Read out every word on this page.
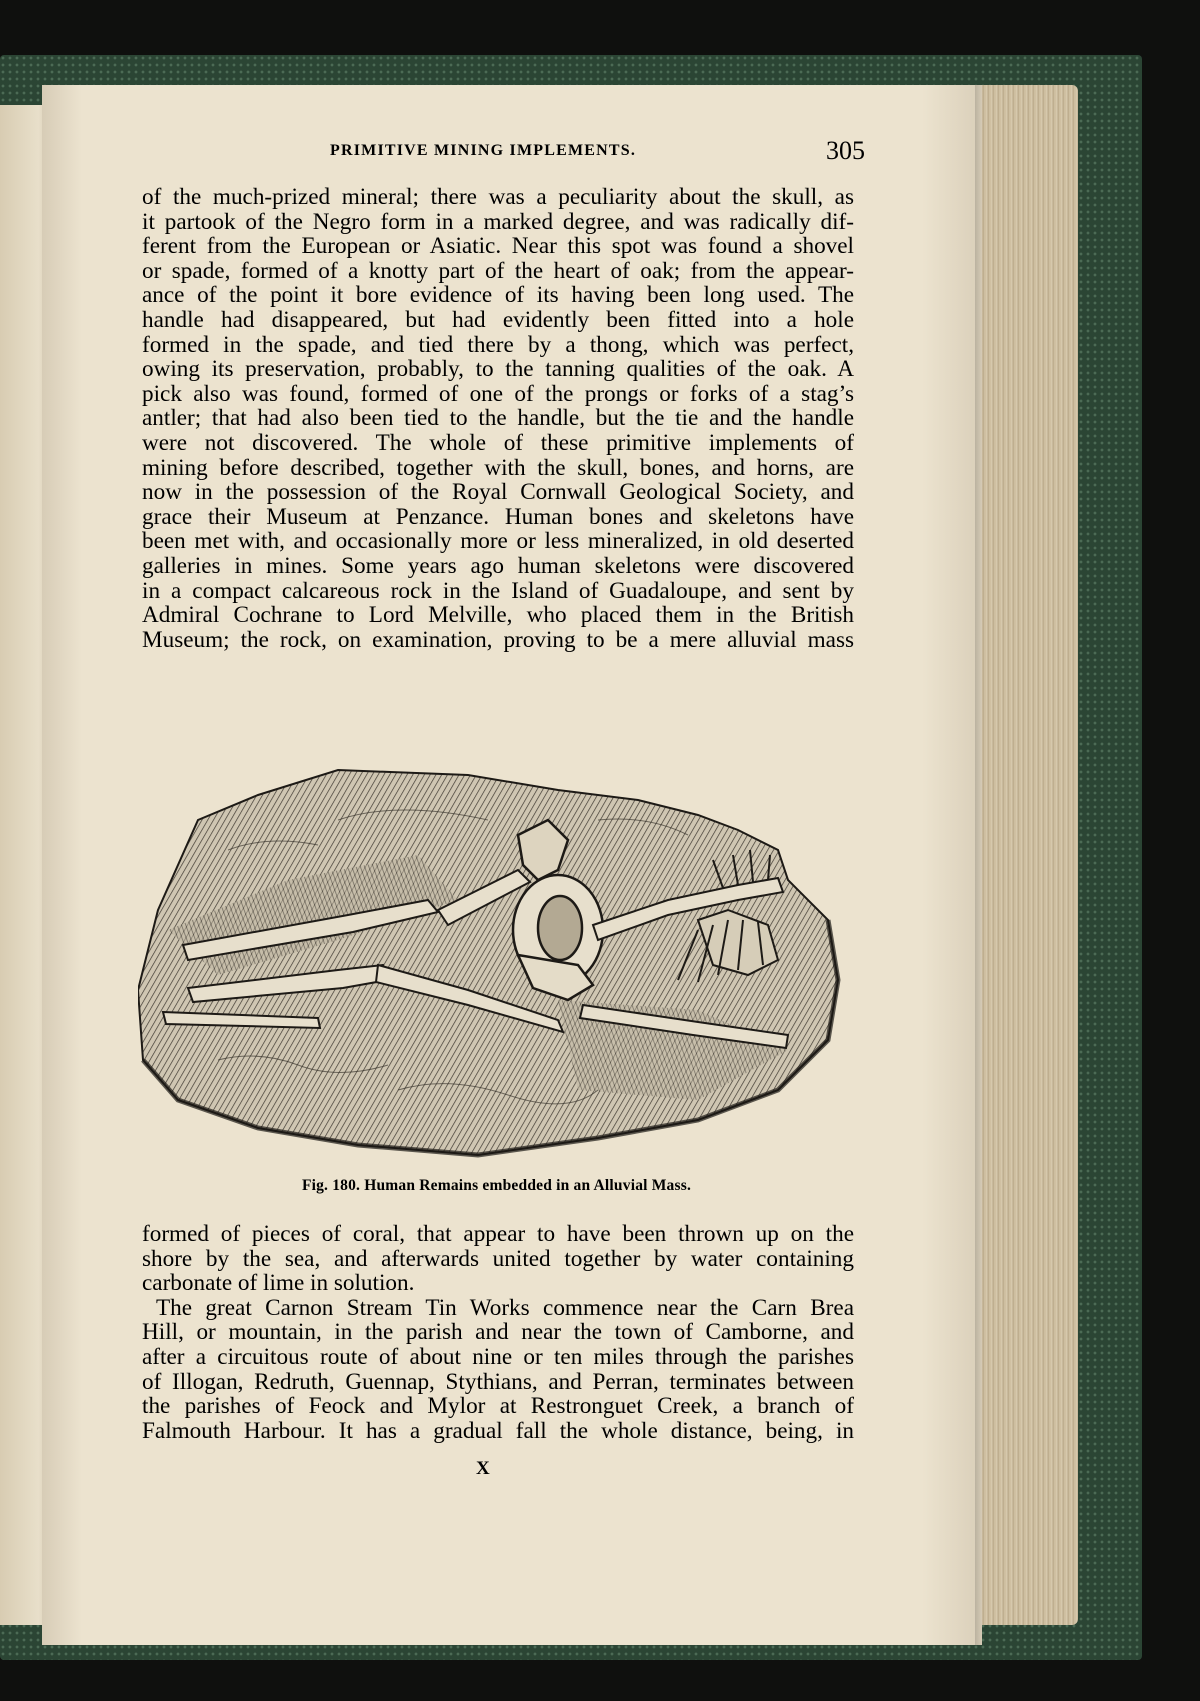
PRIMITIVE MINING IMPLEMENTS.	305
of the much-prized mineral; there was a peculiarity about the skull, as
it partook of the Negro form in a marked degree, and was radically dif-
ferent from the European or Asiatic. Near this spot was found a shovel
or spade, formed of a knotty part of the heart of oak; from the appear-
ance of the point it bore evidence of its having been long used. The
handle had disappeared, but had evidently been fitted into a hole
formed in the spade, and tied there by a thong, which was perfect,
owing its preservation, probably, to the tanning qualities of the oak. A
pick also was found, formed of one of the prongs or forks of a stag’s
antler; that had also been tied to the handle, but the tie and the handle
were not discovered. The whole of these primitive implements of
mining before described, together with the skull, bones, and horns, are
now in the possession of the Royal Cornwall Geological Society, and
grace their Museum at Penzance. Human bones and skeletons have
been met with, and occasionally more or less mineralized, in old deserted
galleries in mines. Some years ago human skeletons were discovered
in a compact calcareous rock in the Island of Guadaloupe, and sent by
Admiral Cochrane to Lord Melville, who placed them in the British
Museum; the rock, on examination, proving to be a mere alluvial mass
Fig. 180. Human Remains embedded in an Alluvial Mass.
formed of pieces of coral, that appear to have been thrown up on the
shore by the sea, and afterwards united together by water containing
carbonate of lime in solution.
The great Carnon Stream Tin Works commence near the Carn Brea
Hill, or mountain, in the parish and near the town of Camborne, and
after a circuitous route of about nine or ten miles through the parishes
of Illogan, Redruth, Guennap, Stythians, and Perran, terminates between
the parishes of Feock and Mylor at Restronguet Creek, a branch of
Falmouth Harbour. It has a gradual fall the whole distance, being, in
X
